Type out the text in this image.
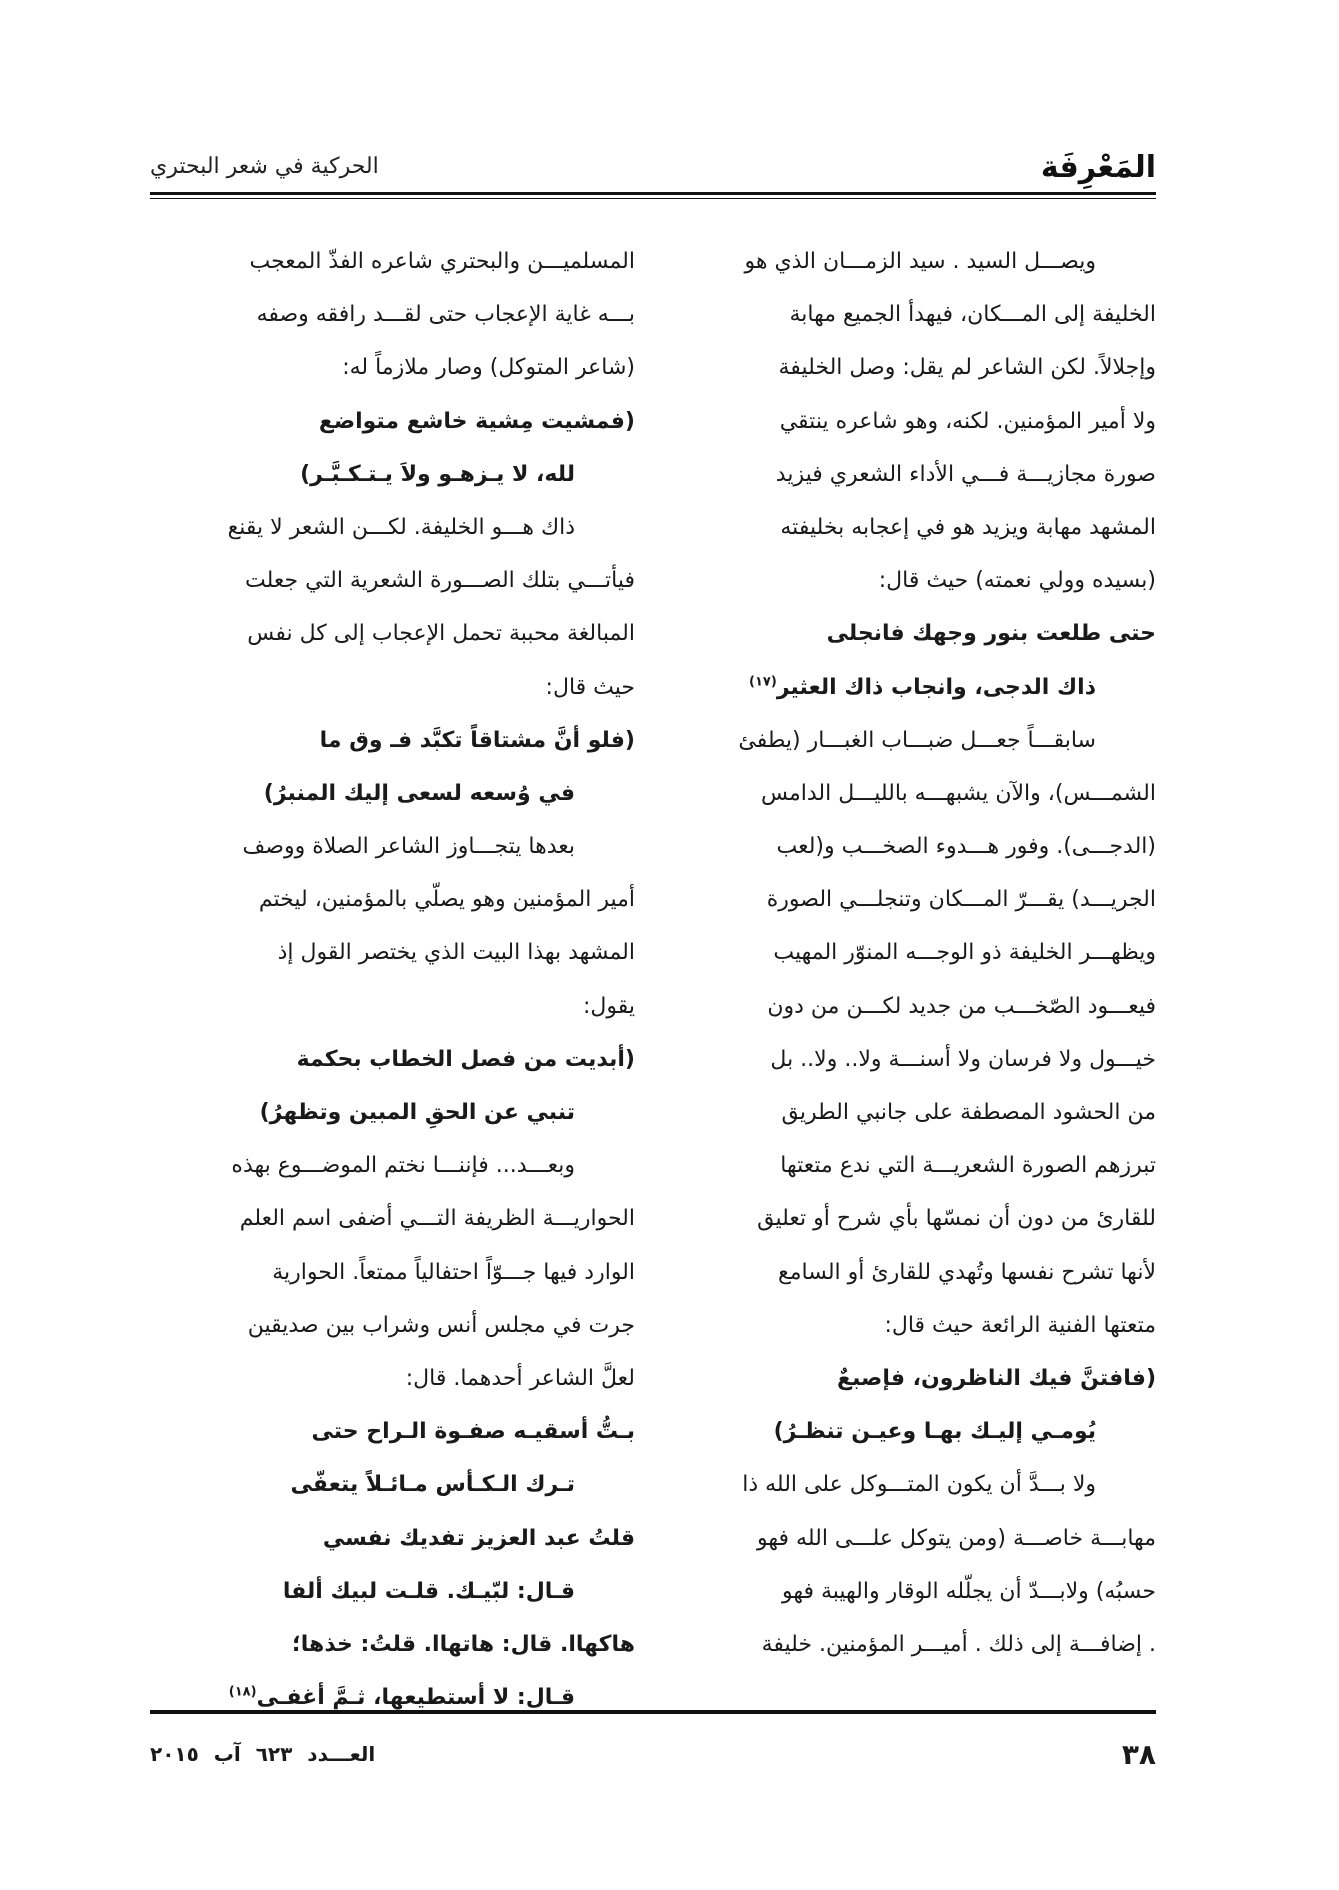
المَعْرِفَة
الحركية في شعر البحتري
ويصـــل السيد . سيد الزمـــان الذي هو
الخليفة إلى المـــكان، فيهدأ الجميع مهابة
وإجلالاً. لكن الشاعر لم يقل: وصل الخليفة
ولا أمير المؤمنين. لكنه، وهو شاعره ينتقي
صورة مجازيـــة فـــي الأداء الشعري فيزيد
المشهد مهابة ويزيد هو في إعجابه بخليفته
(بسيده وولي نعمته) حيث قال:
حتى طلعت بنور وجهك فانجلى
ذاك الدجى، وانجاب ذاك العثير$^{(١٧)}$
سابقـــاً جعـــل ضبـــاب الغبـــار (يطفئ
الشمـــس)، والآن يشبهـــه بالليـــل الدامس
(الدجـــى). وفور هـــدوء الصخـــب و(لعب
الجريـــد) يقـــرّ المـــكان وتنجلـــي الصورة
ويظهـــر الخليفة ذو الوجـــه المنوّر المهيب
فيعـــود الصّخـــب من جديد لكـــن من دون
خيـــول ولا فرسان ولا أسنـــة ولا.. ولا.. بل
من الحشود المصطفة على جانبي الطريق
تبرزهم الصورة الشعريـــة التي ندع متعتها
للقارئ من دون أن نمسّها بأي شرح أو تعليق
لأنها تشرح نفسها وتُهدي للقارئ أو السامع
متعتها الفنية الرائعة حيث قال:
(فافتنَّ فيك الناظرون، فإصبعٌ
يُومـي إليـك بهـا وعيـن تنظـرُ)
ولا بـــدَّ أن يكون المتـــوكل على الله ذا
مهابـــة خاصـــة (ومن يتوكل علـــى الله فهو
حسبُه) ولابـــدّ أن يجلّله الوقار والهيبة فهو
. إضافـــة إلى ذلك . أميـــر المؤمنين. خليفة
المسلميـــن والبحتري شاعره الفذّ المعجب
بـــه غاية الإعجاب حتى لقـــد رافقه وصفه
(شاعر المتوكل) وصار ملازماً له:
(فمشيت مِشية خاشع متواضع
لله، لا يـزهـو ولاَ يـتـكـبَّـر)
ذاك هـــو الخليفة. لكـــن الشعر لا يقنع
فيأتـــي بتلك الصـــورة الشعرية التي جعلت
المبالغة محببة تحمل الإعجاب إلى كل نفس
حيث قال:
(فلو أنَّ مشتاقاً تكبَّد فـ وق ما
في وُسعه لسعى إليك المنبرُ)
بعدها يتجـــاوز الشاعر الصلاة ووصف
أمير المؤمنين وهو يصلّي بالمؤمنين، ليختم
المشهد بهذا البيت الذي يختصر القول إذ
يقول:
(أبديت من فصل الخطاب بحكمة
تنبي عن الحقِ المبين وتظهرُ)
وبعـــد... فإننـــا نختم الموضـــوع بهذه
الحواريـــة الظريفة التـــي أضفى اسم العلم
الوارد فيها جـــوّاً احتفالياً ممتعاً. الحوارية
جرت في مجلس أنس وشراب بين صديقين
لعلَّ الشاعر أحدهما. قال:
بـتُّ أسقيـه صفـوة الـراح حتى
تـرك الـكـأس مـائـلاً يتعفّى
قلتُ عبد العزيز تفديك نفسي
قـال: لبّيـك. قلـت لبيك ألفا
هاكهاا. قال: هاتهاا. قلتُ: خذها؛
قـال: لا أستطيعها، ثـمَّ أغفـى$^{(١٨)}$
٣٨
العـــدد ٦٢٣ آب ٢٠١٥
